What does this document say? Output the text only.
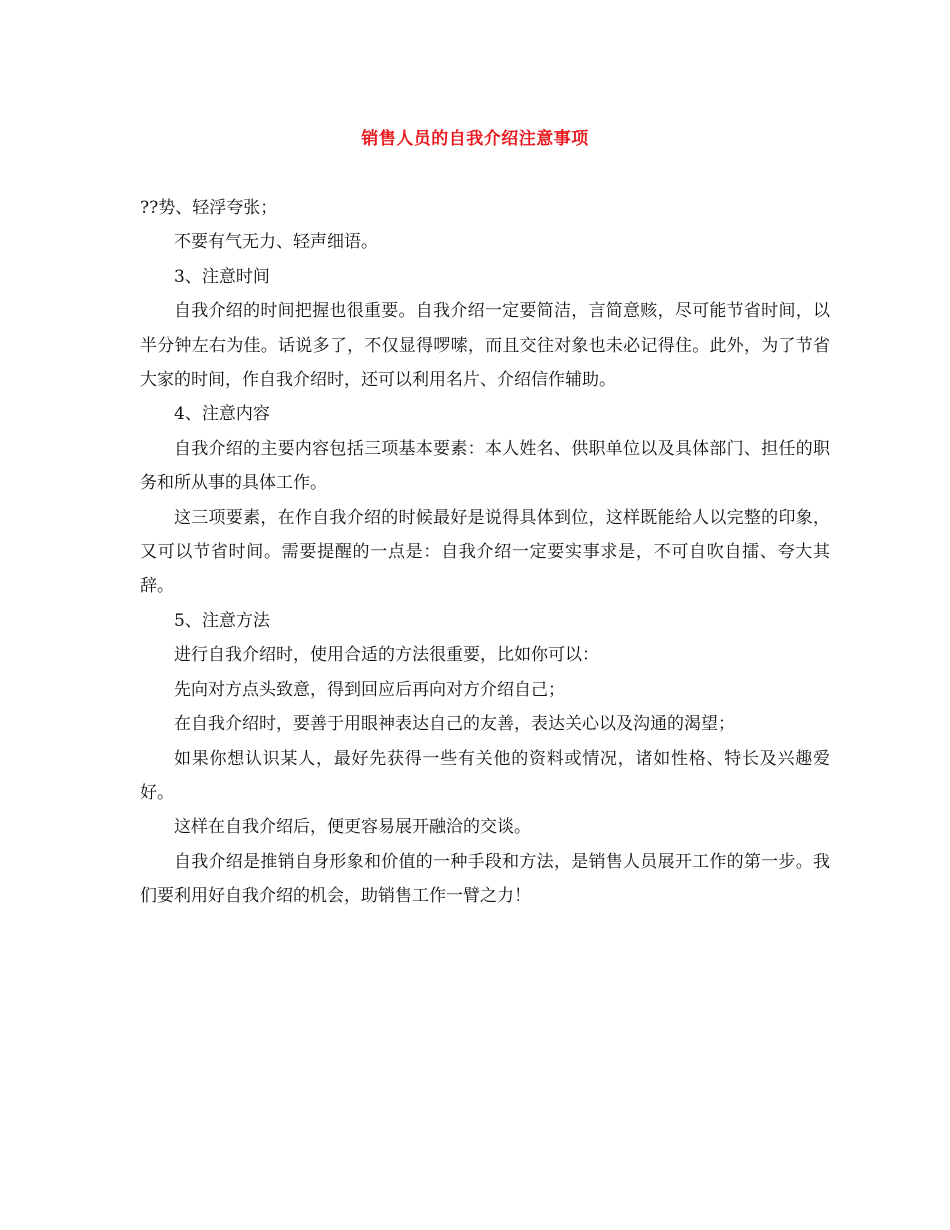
销售人员的自我介绍注意事项

??势、轻浮夸张；

不要有气无力、轻声细语。

3、注意时间

自我介绍的时间把握也很重要。自我介绍一定要简洁，言简意赅，尽可能节省时间，以半分钟左右为佳。话说多了，不仅显得啰嗦，而且交往对象也未必记得住。此外，为了节省大家的时间，作自我介绍时，还可以利用名片、介绍信作辅助。

4、注意内容

自我介绍的主要内容包括三项基本要素：本人姓名、供职单位以及具体部门、担任的职务和所从事的具体工作。

这三项要素，在作自我介绍的时候最好是说得具体到位，这样既能给人以完整的印象，又可以节省时间。需要提醒的一点是：自我介绍一定要实事求是，不可自吹自擂、夸大其辞。

5、注意方法

进行自我介绍时，使用合适的方法很重要，比如你可以：

先向对方点头致意，得到回应后再向对方介绍自己；

在自我介绍时，要善于用眼神表达自己的友善，表达关心以及沟通的渴望；

如果你想认识某人，最好先获得一些有关他的资料或情况，诸如性格、特长及兴趣爱好。

这样在自我介绍后，便更容易展开融洽的交谈。

自我介绍是推销自身形象和价值的一种手段和方法，是销售人员展开工作的第一步。我们要利用好自我介绍的机会，助销售工作一臂之力！
